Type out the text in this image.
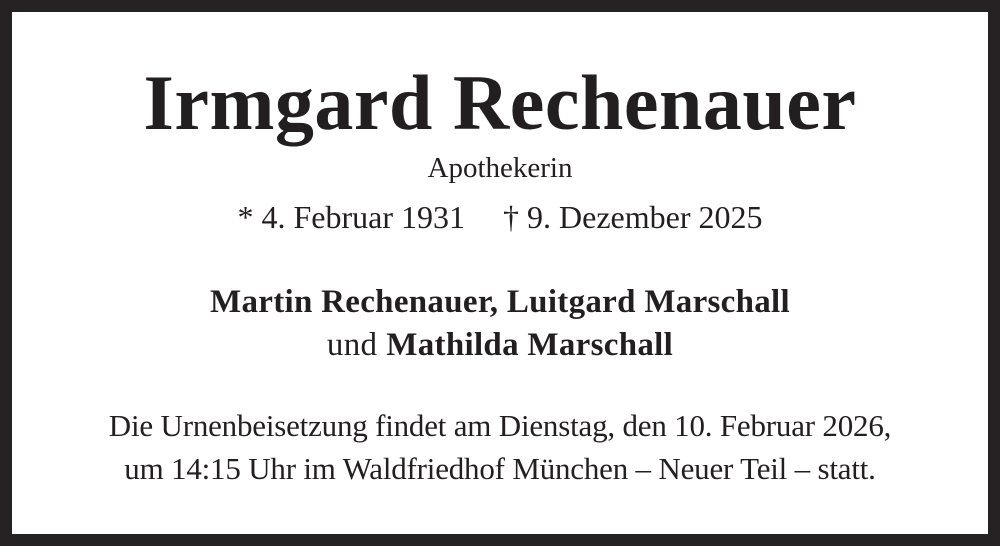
Irmgard Rechenauer
Apothekerin
* 4. Februar 1931 † 9. Dezember 2025
Martin Rechenauer, Luitgard Marschall
und Mathilda Marschall
Die Urnenbeisetzung findet am Dienstag, den 10. Februar 2026,
um 14:15 Uhr im Waldfriedhof München – Neuer Teil – statt.
